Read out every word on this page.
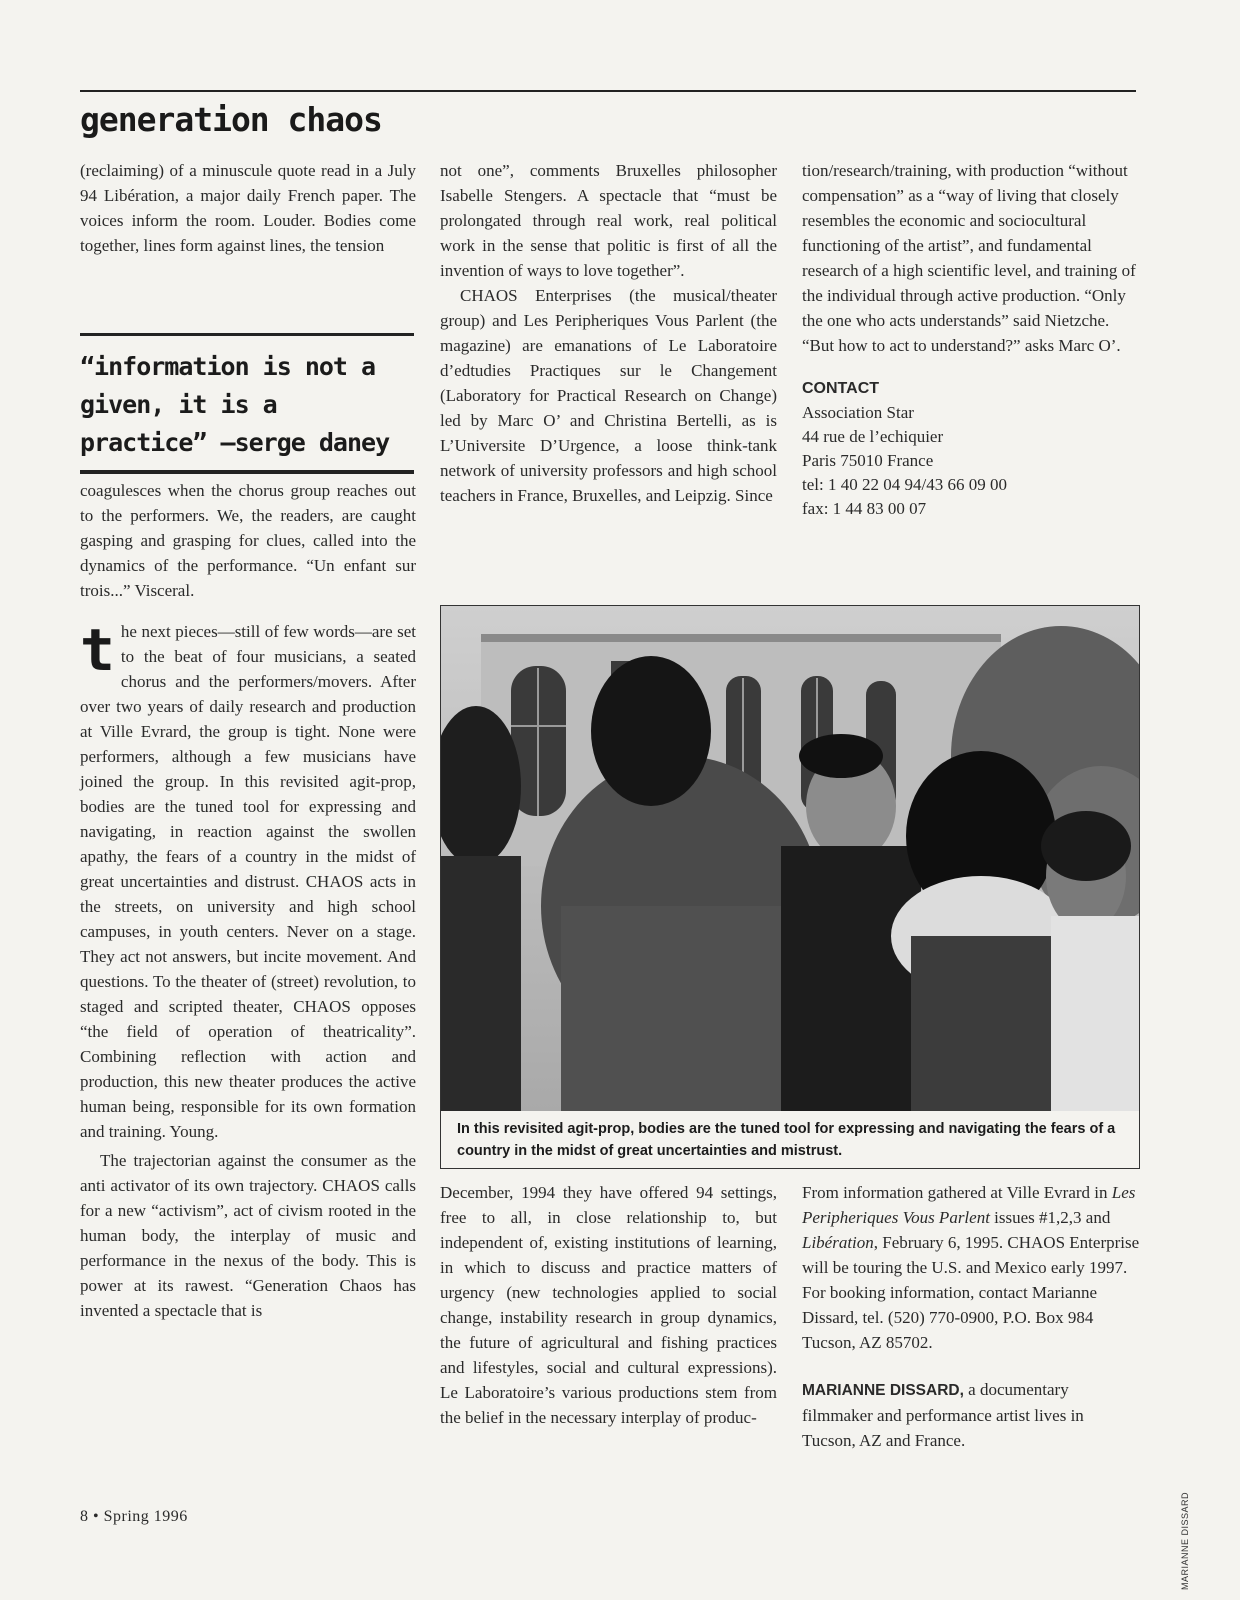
generation chaos

(reclaiming) of a minuscule quote read in a July 94 Libération, a major daily French paper. The voices inform the room. Louder. Bodies come together, lines form against lines, the tension

“information is not a given, it is a practice” —serge daney

coagulesces when the chorus group reaches out to the performers. We, the readers, are caught gasping and grasping for clues, called into the dynamics of the performance. “Un enfant sur trois...” Visceral.

the next pieces—still of few words—are set to the beat of four musicians, a seated chorus and the performers/movers. After over two years of daily research and production at Ville Evrard, the group is tight. None were performers, although a few musicians have joined the group. In this revisited agit-prop, bodies are the tuned tool for expressing and navigating, in reaction against the swollen apathy, the fears of a country in the midst of great uncertainties and distrust. CHAOS acts in the streets, on university and high school campuses, in youth centers. Never on a stage. They act not answers, but incite movement. And questions. To the theater of (street) revolution, to staged and scripted theater, CHAOS opposes “the field of operation of theatricality”. Combining reflection with action and production, this new theater produces the active human being, responsible for its own formation and training. Young.

The trajectorian against the consumer as the anti activator of its own trajectory. CHAOS calls for a new “activism”, act of civism rooted in the human body, the interplay of music and performance in the nexus of the body. This is power at its rawest. “Generation Chaos has invented a spectacle that is

not one”, comments Bruxelles philosopher Isabelle Stengers. A spectacle that “must be prolongated through real work, real political work in the sense that politic is first of all the invention of ways to love together”.

CHAOS Enterprises (the musical/theater group) and Les Peripheriques Vous Parlent (the magazine) are emanations of Le Laboratoire d’edtudies Practiques sur le Changement (Laboratory for Practical Research on Change) led by Marc O’ and Christina Bertelli, as is L’Universite D’Urgence, a loose think-tank network of university professors and high school teachers in France, Bruxelles, and Leipzig. Since

tion/research/training, with production “without compensation” as a “way of living that closely resembles the economic and sociocultural functioning of the artist”, and fundamental research of a high scientific level, and training of the individual through active production. “Only the one who acts understands” said Nietzche. “But how to act to understand?” asks Marc O’.

CONTACT
Association Star
44 rue de l’echiquier
Paris 75010 France
tel: 1 40 22 04 94/43 66 09 00
fax: 1 44 83 00 07
In this revisited agit-prop, bodies are the tuned tool for expressing and navigating the fears of a country in the midst of great uncertainties and mistrust.

December, 1994 they have offered 94 settings, free to all, in close relationship to, but independent of, existing institutions of learning, in which to discuss and practice matters of urgency (new technologies applied to social change, instability research in group dynamics, the future of agricultural and fishing practices and lifestyles, social and cultural expressions). Le Laboratoire’s various productions stem from the belief in the necessary interplay of produc-

From information gathered at Ville Evrard in Les Peripheriques Vous Parlent issues #1,2,3 and Libération, February 6, 1995. CHAOS Enterprise will be touring the U.S. and Mexico early 1997. For booking information, contact Marianne Dissard, tel. (520) 770-0900, P.O. Box 984 Tucson, AZ 85702.

MARIANNE DISSARD, a documentary filmmaker and performance artist lives in Tucson, AZ and France.

MARIANNE DISSARD
8 • Spring 1996
